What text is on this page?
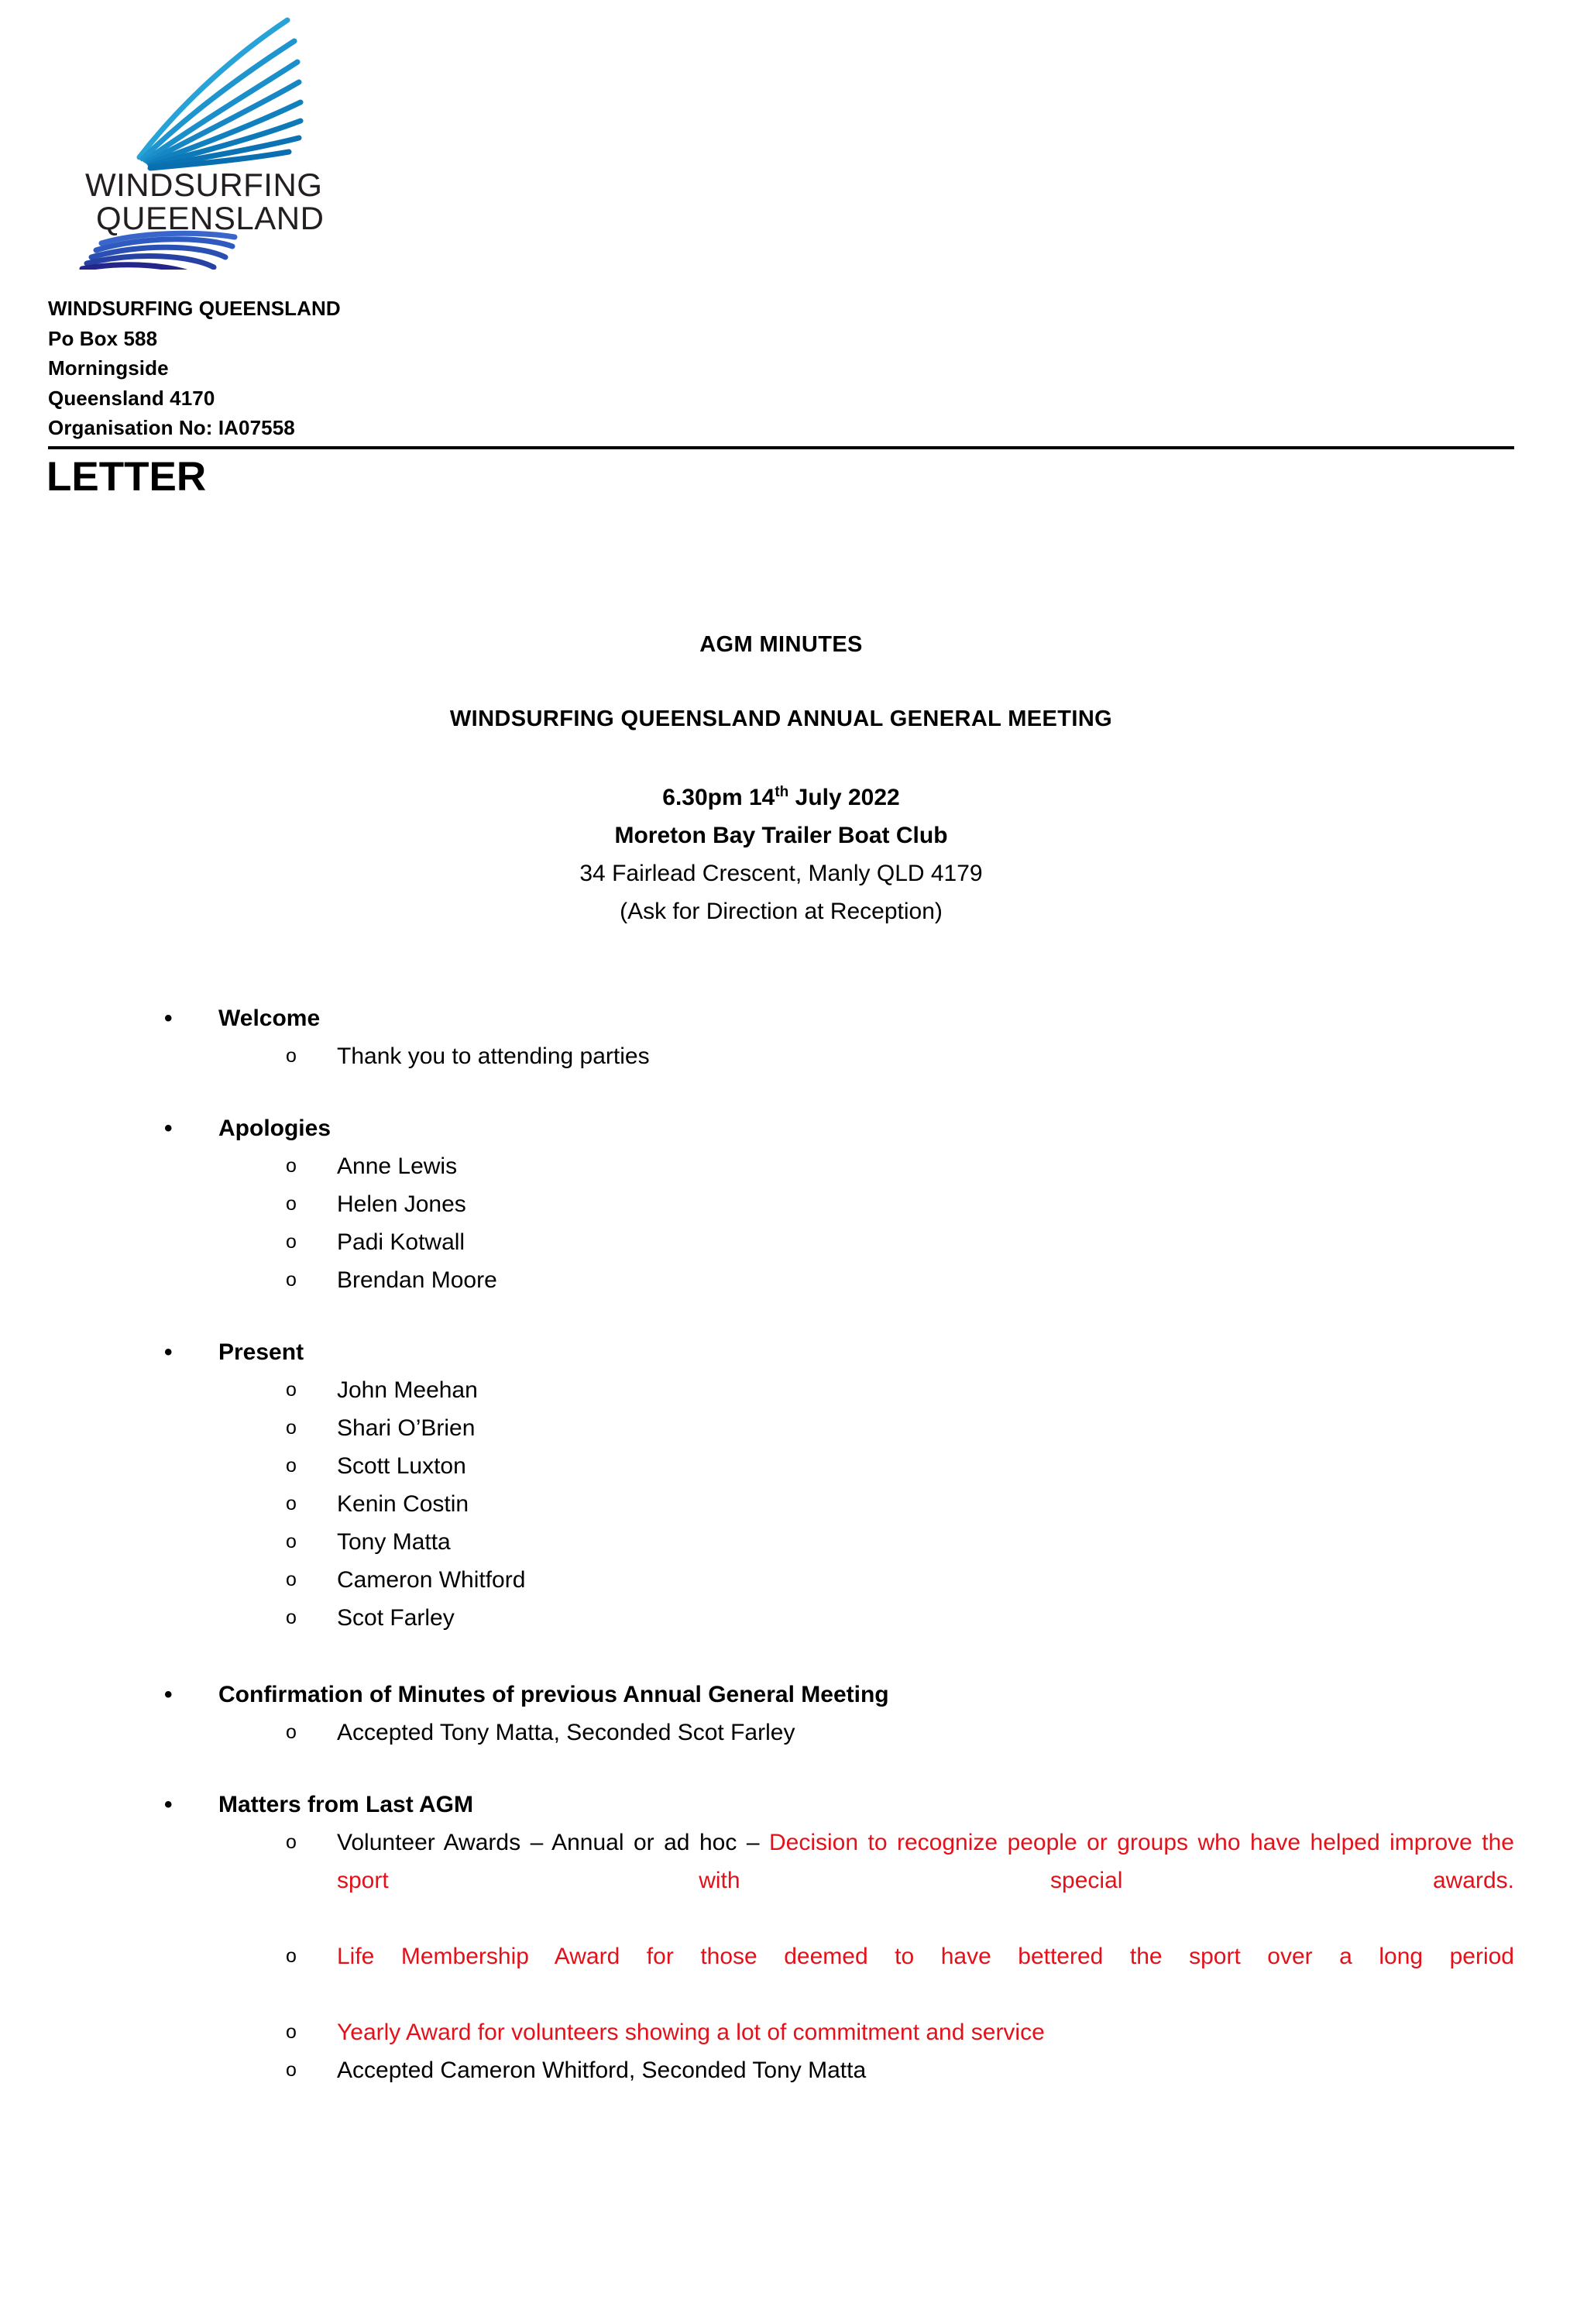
WINDSURFING
QUEENSLAND
WINDSURFING QUEENSLAND
Po Box 588
Morningside
Queensland 4170
Organisation No: IA07558
LETTER
AGM MINUTES
WINDSURFING QUEENSLAND ANNUAL GENERAL MEETING
6.30pm 14th July 2022
Moreton Bay Trailer Boat Club
34 Fairlead Crescent, Manly QLD 4179
(Ask for Direction at Reception)
• Welcome
o Thank you to attending parties
• Apologies
o Anne Lewis
o Helen Jones
o Padi Kotwall
o Brendan Moore
• Present
o John Meehan
o Shari O’Brien
o Scott Luxton
o Kenin Costin
o Tony Matta
o Cameron Whitford
o Scot Farley
• Confirmation of Minutes of previous Annual General Meeting
o Accepted Tony Matta, Seconded Scot Farley
• Matters from Last AGM
o Volunteer Awards – Annual or ad hoc – Decision to recognize people or groups who have helped improve the sport with special awards.
o Life Membership Award for those deemed to have bettered the sport over a long period
o Yearly Award for volunteers showing a lot of commitment and service
o Accepted Cameron Whitford, Seconded Tony Matta
